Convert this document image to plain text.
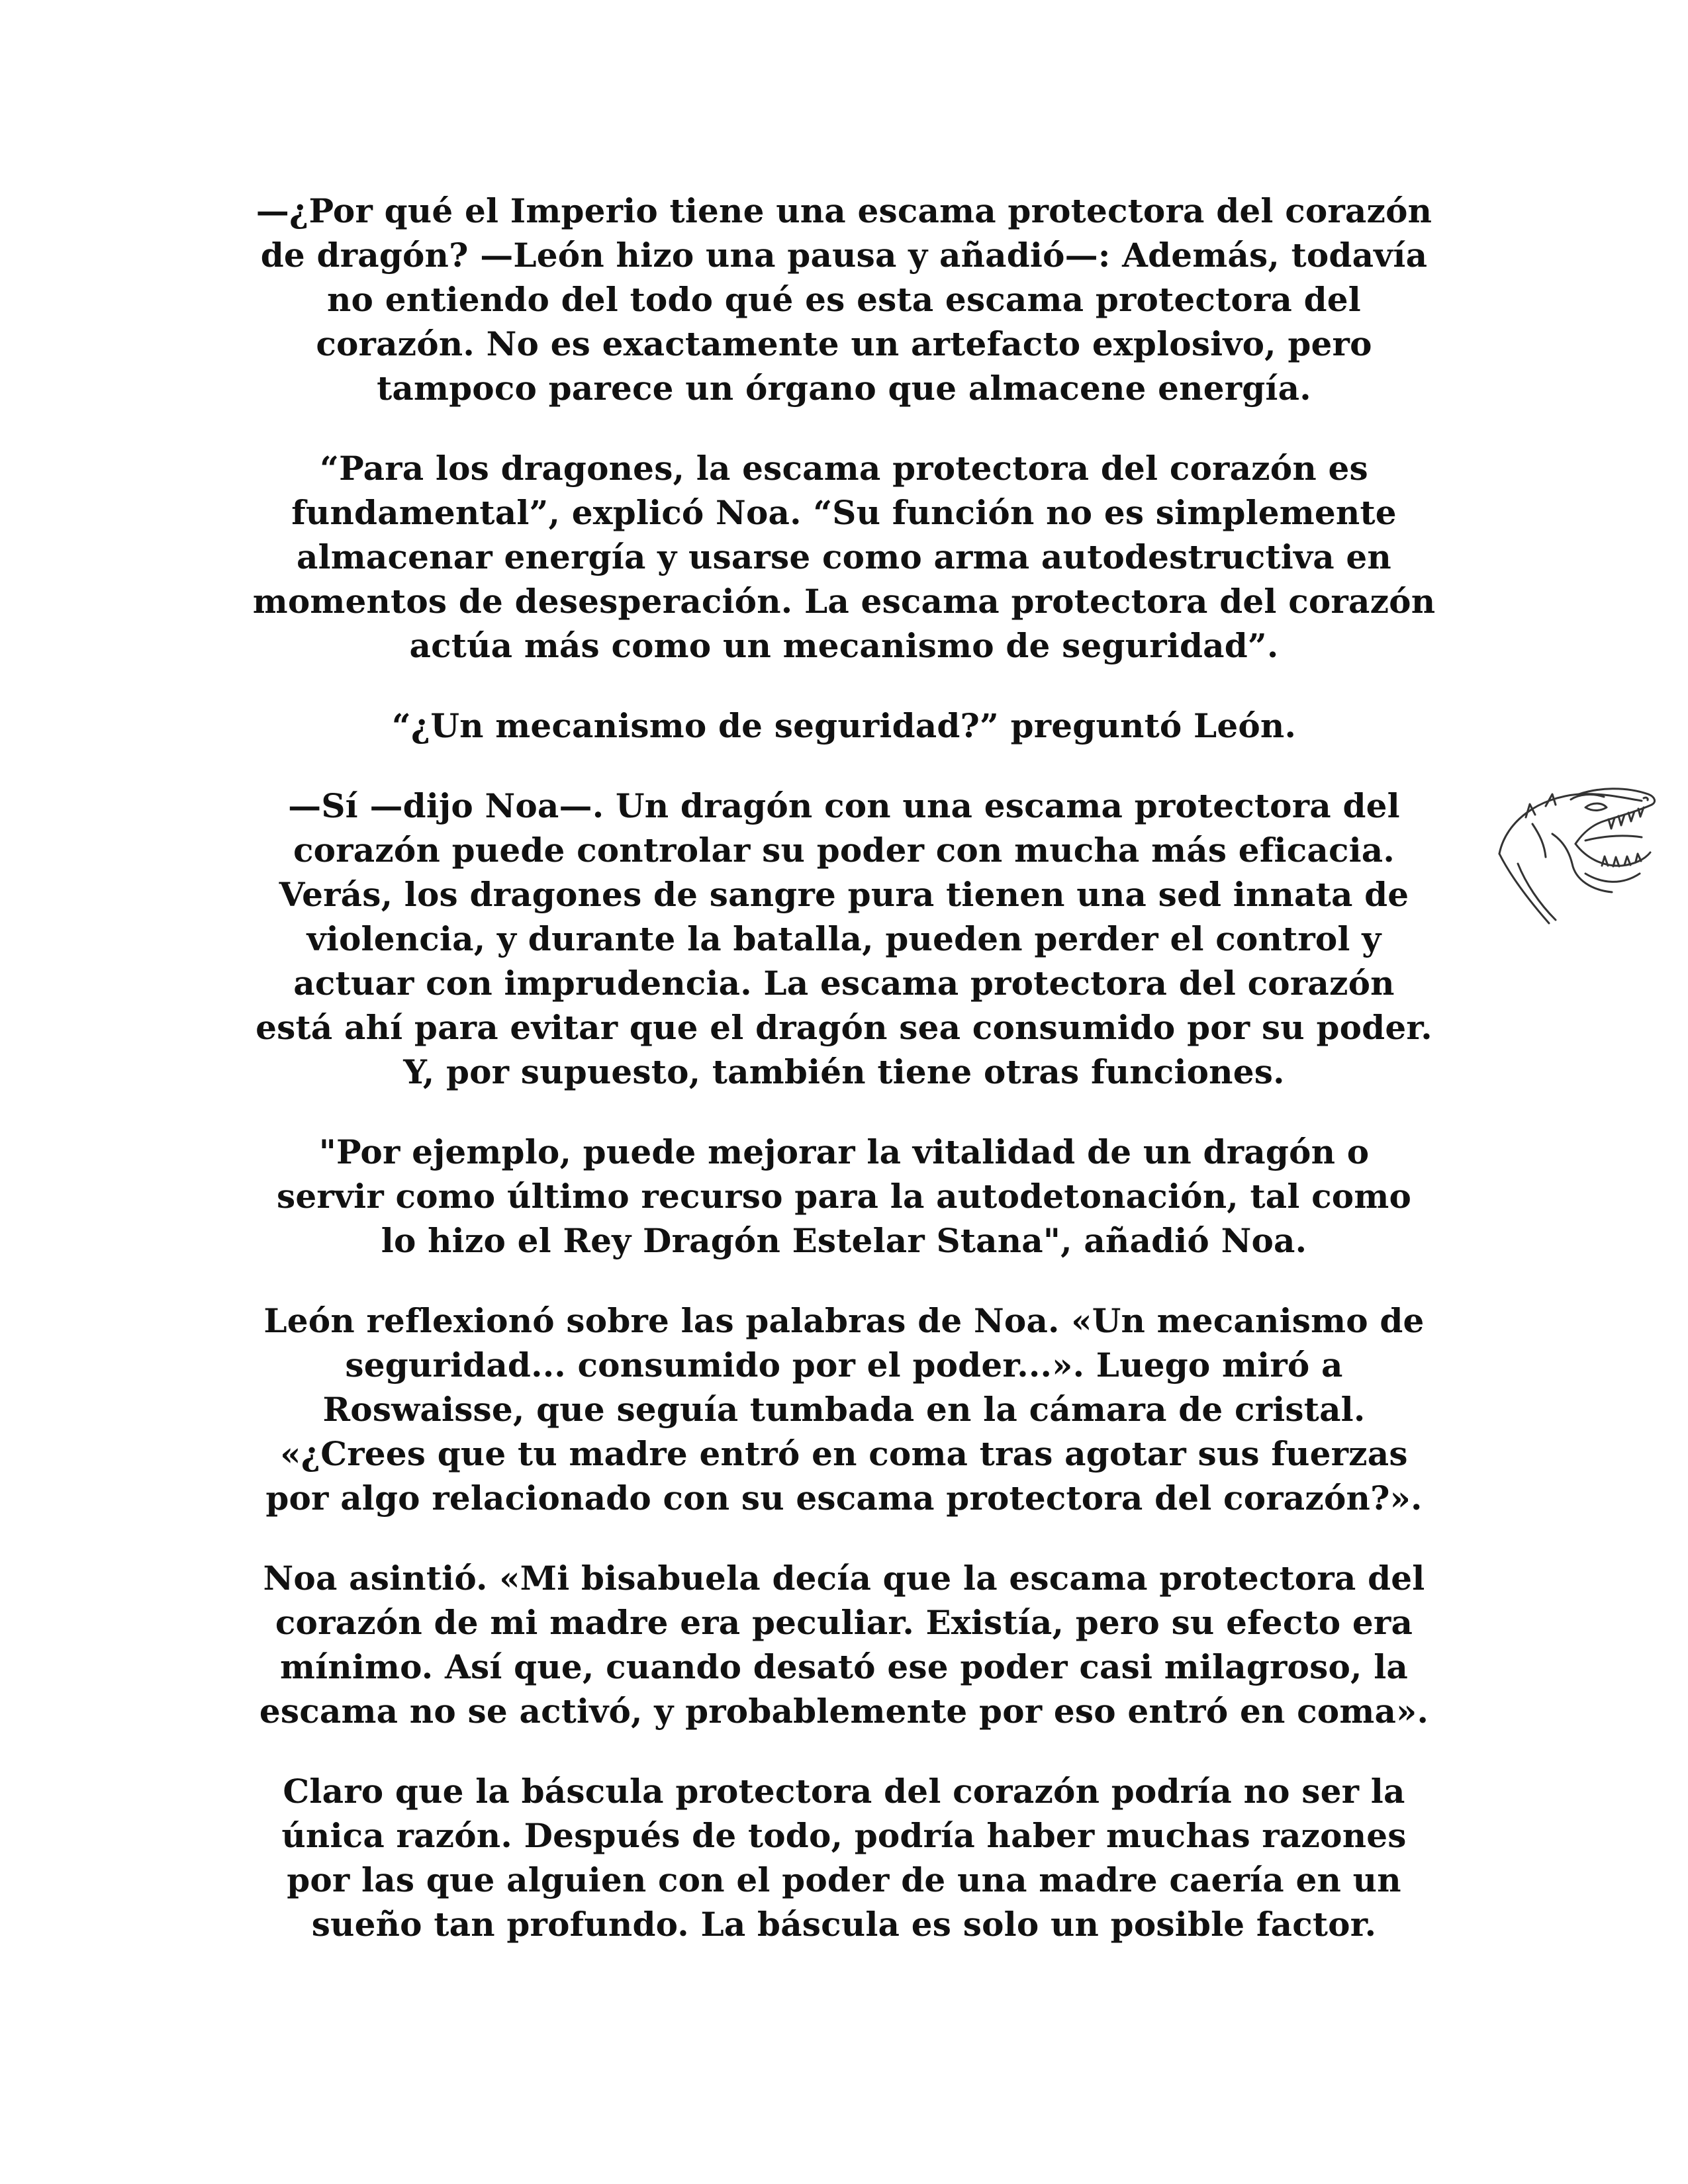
—¿Por qué el Imperio tiene una escama protectora del corazón
de dragón? —León hizo una pausa y añadió—: Además, todavía
no entiendo del todo qué es esta escama protectora del
corazón. No es exactamente un artefacto explosivo, pero
tampoco parece un órgano que almacene energía.

“Para los dragones, la escama protectora del corazón es
fundamental”, explicó Noa. “Su función no es simplemente
almacenar energía y usarse como arma autodestructiva en
momentos de desesperación. La escama protectora del corazón
actúa más como un mecanismo de seguridad”.

“¿Un mecanismo de seguridad?” preguntó León.

—Sí —dijo Noa—. Un dragón con una escama protectora del
corazón puede controlar su poder con mucha más eficacia.
Verás, los dragones de sangre pura tienen una sed innata de
violencia, y durante la batalla, pueden perder el control y
actuar con imprudencia. La escama protectora del corazón
está ahí para evitar que el dragón sea consumido por su poder.
Y, por supuesto, también tiene otras funciones.

"Por ejemplo, puede mejorar la vitalidad de un dragón o
servir como último recurso para la autodetonación, tal como
lo hizo el Rey Dragón Estelar Stana", añadió Noa.

León reflexionó sobre las palabras de Noa. «Un mecanismo de
seguridad... consumido por el poder...». Luego miró a
Roswaisse, que seguía tumbada en la cámara de cristal.
«¿Crees que tu madre entró en coma tras agotar sus fuerzas
por algo relacionado con su escama protectora del corazón?».

Noa asintió. «Mi bisabuela decía que la escama protectora del
corazón de mi madre era peculiar. Existía, pero su efecto era
mínimo. Así que, cuando desató ese poder casi milagroso, la
escama no se activó, y probablemente por eso entró en coma».

Claro que la báscula protectora del corazón podría no ser la
única razón. Después de todo, podría haber muchas razones
por las que alguien con el poder de una madre caería en un
sueño tan profundo. La báscula es solo un posible factor.
